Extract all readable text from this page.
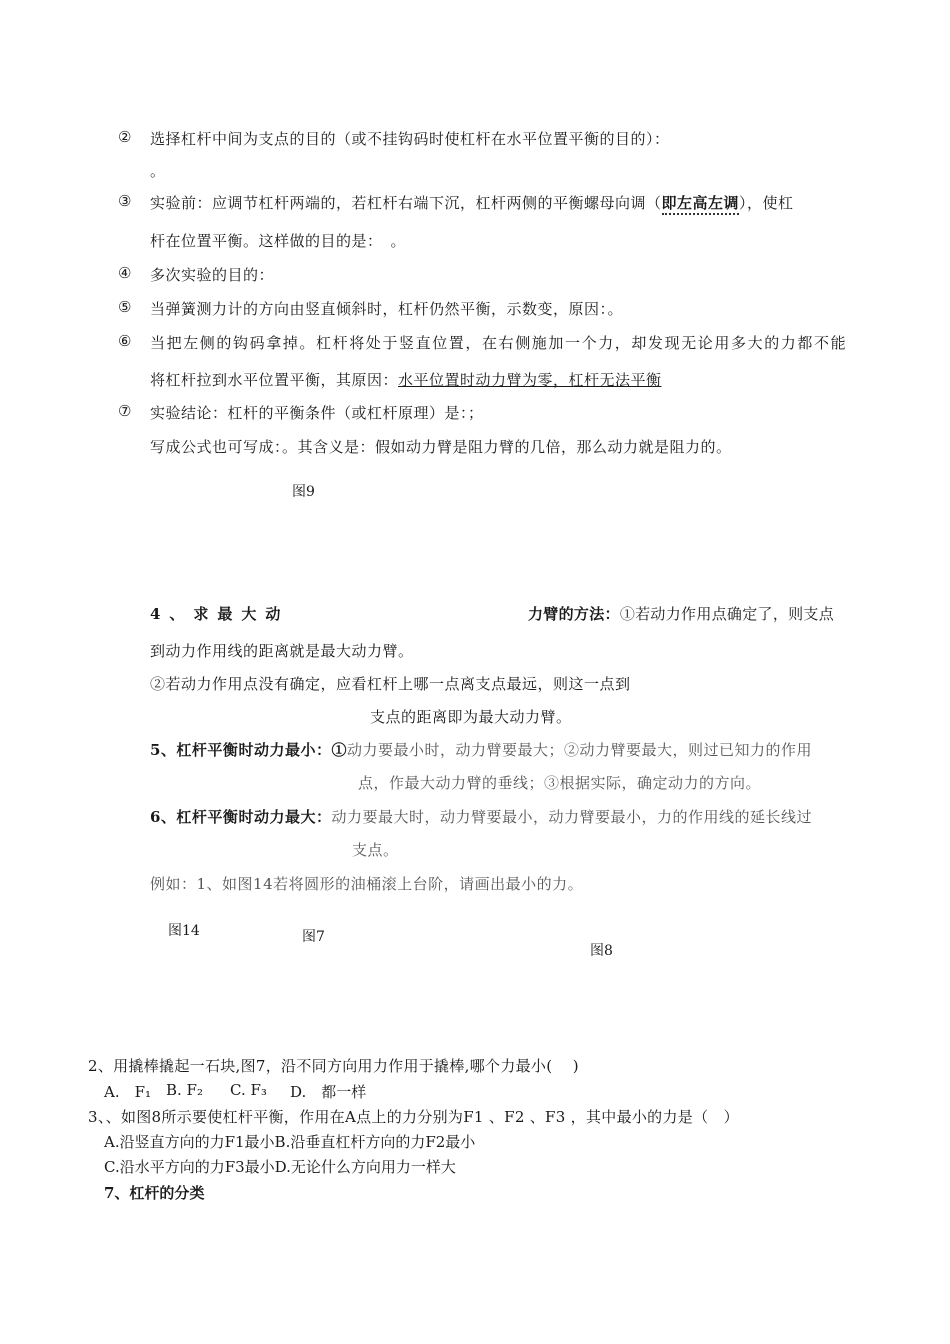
② 选择杠杆中间为支点的目的（或不挂钩码时使杠杆在水平位置平衡的目的）：
。
③ 实验前：应调节杠杆两端的，若杠杆右端下沉，杠杆两侧的平衡螺母向调（即左高左调），使杠
杆在位置平衡。这样做的目的是：　。
④ 多次实验的目的：
⑤ 当弹簧测力计的方向由竖直倾斜时，杠杆仍然平衡，示数变，原因：。
⑥ 当把左侧的钩码拿掉。杠杆将处于竖直位置，在右侧施加一个力，却发现无论用多大的力都不能
将杠杆拉到水平位置平衡，其原因：水平位置时动力臂为零，杠杆无法平衡
⑦ 实验结论：杠杆的平衡条件（或杠杆原理）是：；
写成公式也可写成：。其含义是：假如动力臂是阻力臂的几倍，那么动力就是阻力的。
图9
4、求最大动	力臂的方法：①若动力作用点确定了，则支点
到动力作用线的距离就是最大动力臂。
②若动力作用点没有确定，应看杠杆上哪一点离支点最远，则这一点到
支点的距离即为最大动力臂。
5、杠杆平衡时动力最小：①动力要最小时，动力臂要最大；②动力臂要最大，则过已知力的作用
点，作最大动力臂的垂线；③根据实际，确定动力的方向。
6、杠杆平衡时动力最大：动力要最大时，动力臂要最小，动力臂要最小，力的作用线的延长线过
支点。
例如：1、如图14若将圆形的油桶滚上台阶，请画出最小的力。
图14	图7
图8
2、用撬棒撬起一石块,图7，沿不同方向用力作用于撬棒,哪个力最小(　 )
A.　F₁ B. F₂ C. F₃ D.　都一样
3、、如图8所示要使杠杆平衡，作用在A点上的力分别为F1 、F2 、F3 ，其中最小的力是（　）
A.沿竖直方向的力F1最小B.沿垂直杠杆方向的力F2最小
C.沿水平方向的力F3最小D.无论什么方向用力一样大
7、杠杆的分类
